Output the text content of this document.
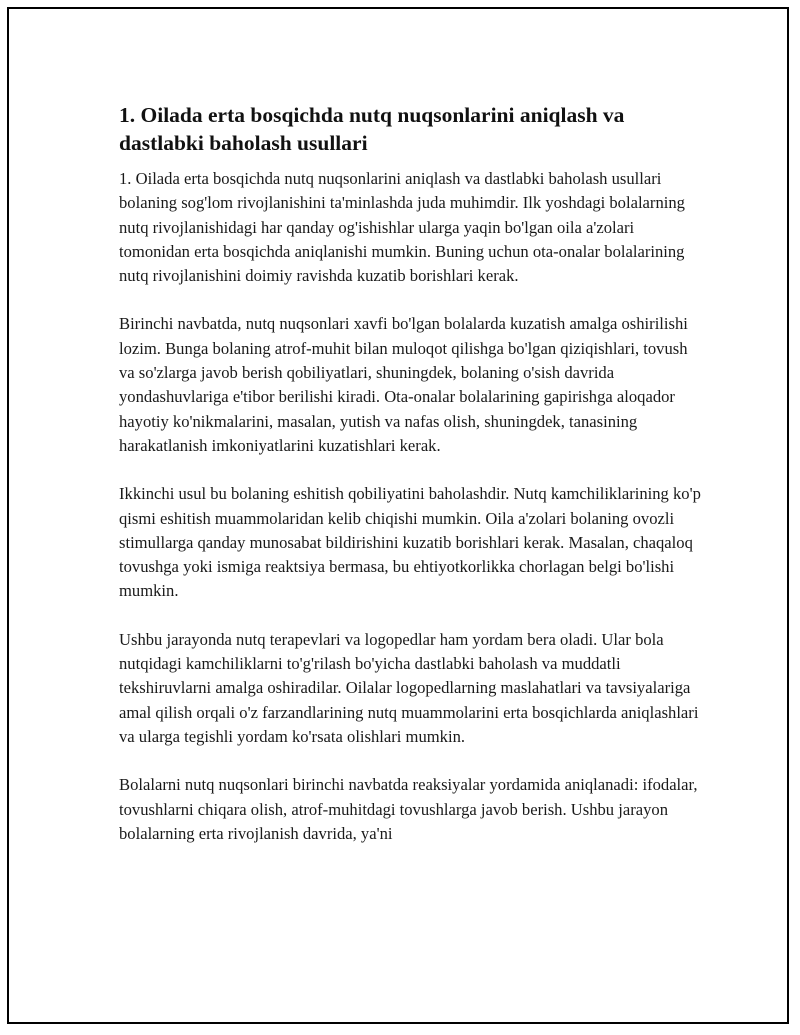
1. Oilada erta bosqichda nutq nuqsonlarini aniqlash va dastlabki baholash usullari

1. Oilada erta bosqichda nutq nuqsonlarini aniqlash va dastlabki baholash usullari bolaning sog'lom rivojlanishini ta'minlashda juda muhimdir. Ilk yoshdagi bolalarning nutq rivojlanishidagi har qanday og'ishishlar ularga yaqin bo'lgan oila a'zolari tomonidan erta bosqichda aniqlanishi mumkin. Buning uchun ota-onalar bolalarining nutq rivojlanishini doimiy ravishda kuzatib borishlari kerak.

Birinchi navbatda, nutq nuqsonlari xavfi bo'lgan bolalarda kuzatish amalga oshirilishi lozim. Bunga bolaning atrof-muhit bilan muloqot qilishga bo'lgan qiziqishlari, tovush va so'zlarga javob berish qobiliyatlari, shuningdek, bolaning o'sish davrida yondashuvlariga e'tibor berilishi kiradi. Ota-onalar bolalarining gapirishga aloqador hayotiy ko'nikmalarini, masalan, yutish va nafas olish, shuningdek, tanasining harakatlanish imkoniyatlarini kuzatishlari kerak.

Ikkinchi usul bu bolaning eshitish qobiliyatini baholashdir. Nutq kamchiliklarining ko'p qismi eshitish muammolaridan kelib chiqishi mumkin. Oila a'zolari bolaning ovozli stimullarga qanday munosabat bildirishini kuzatib borishlari kerak. Masalan, chaqaloq tovushga yoki ismiga reaktsiya bermasa, bu ehtiyotkorlikka chorlagan belgi bo'lishi mumkin.

Ushbu jarayonda nutq terapevlari va logopedlar ham yordam bera oladi. Ular bola nutqidagi kamchiliklarni to'g'rilash bo'yicha dastlabki baholash va muddatli tekshiruvlarni amalga oshiradilar. Oilalar logopedlarning maslahatlari va tavsiyalariga amal qilish orqali o'z farzandlarining nutq muammolarini erta bosqichlarda aniqlashlari va ularga tegishli yordam ko'rsata olishlari mumkin.

Bolalarni nutq nuqsonlari birinchi navbatda reaksiyalar yordamida aniqlanadi: ifodalar, tovushlarni chiqara olish, atrof-muhitdagi tovushlarga javob berish. Ushbu jarayon bolalarning erta rivojlanish davrida, ya'ni
